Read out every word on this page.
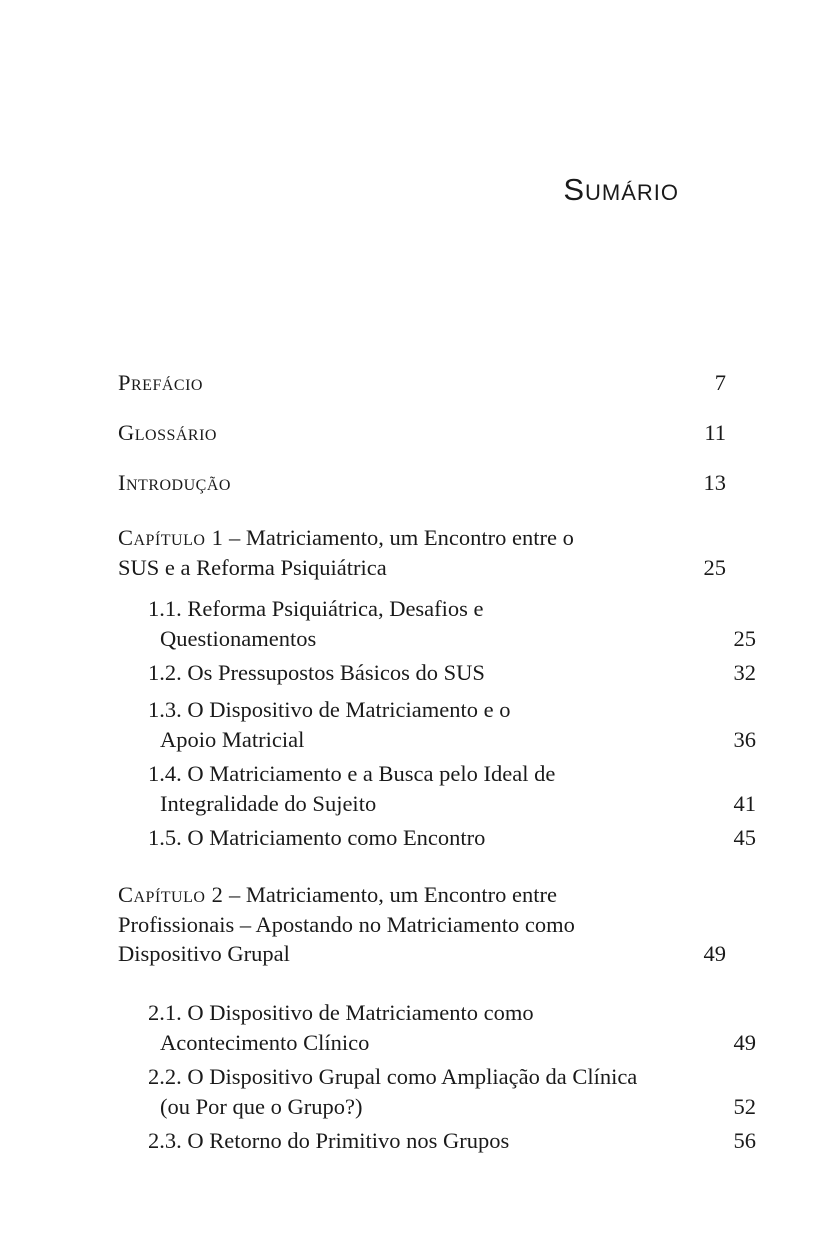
Sumário
Prefácio	7
Glossário	11
Introdução	13
Capítulo 1 – Matriciamento, um Encontro entre o
SUS e a Reforma Psiquiátrica	25
1.1. Reforma Psiquiátrica, Desafios e
Questionamentos	25
1.2. Os Pressupostos Básicos do SUS	32
1.3. O Dispositivo de Matriciamento e o
Apoio Matricial	36
1.4. O Matriciamento e a Busca pelo Ideal de
Integralidade do Sujeito	41
1.5. O Matriciamento como Encontro	45
Capítulo 2 – Matriciamento, um Encontro entre
Profissionais – Apostando no Matriciamento como
Dispositivo Grupal	49
2.1. O Dispositivo de Matriciamento como
Acontecimento Clínico	49
2.2. O Dispositivo Grupal como Ampliação da Clínica
(ou Por que o Grupo?)	52
2.3. O Retorno do Primitivo nos Grupos	56
